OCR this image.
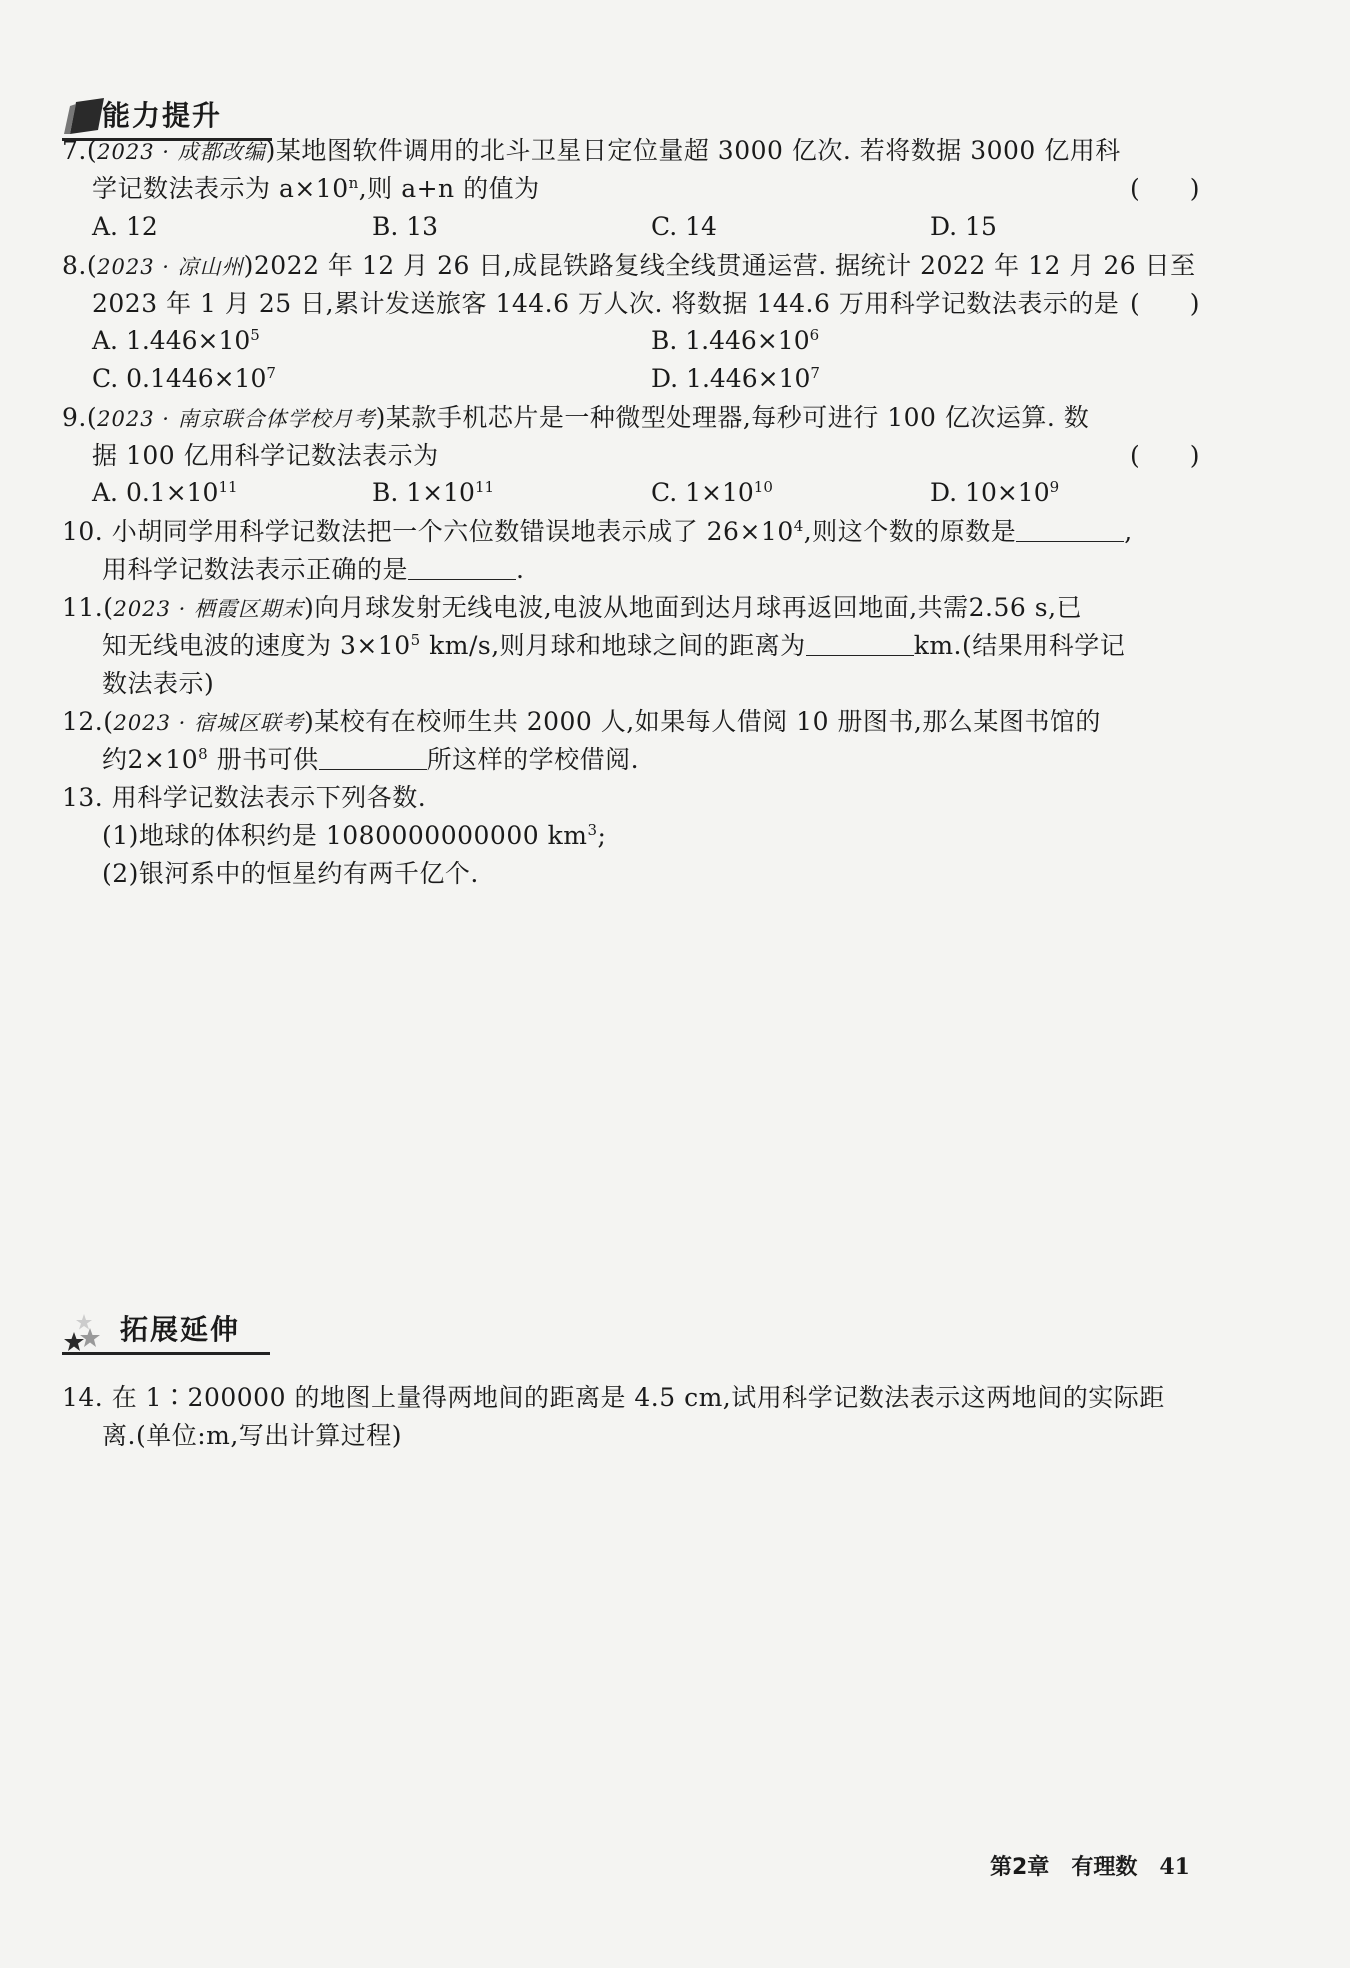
能力提升
7.(2023 · 成都改编)某地图软件调用的北斗卫星日定位量超 3000 亿次. 若将数据 3000 亿用科
学记数法表示为 $a\times 10^n$,则 a+n 的值为	(　　)
A. 12	B. 13	C. 14	D. 15
8.(2023 · 凉山州)2022 年 12 月 26 日,成昆铁路复线全线贯通运营. 据统计 2022 年 12 月 26 日至
2023 年 1 月 25 日,累计发送旅客 144.6 万人次. 将数据 144.6 万用科学记数法表示的是 (　　)
A. $1.446\times 10^5$	B. $1.446\times 10^6$
C. $0.1446\times 10^7$	D. $1.446\times 10^7$
9.(2023 · 南京联合体学校月考)某款手机芯片是一种微型处理器,每秒可进行 100 亿次运算. 数
据 100 亿用科学记数法表示为	(　　)
A. $0.1\times 10^{11}$	B. $1\times 10^{11}$	C. $1\times 10^{10}$	D. $10\times 10^9$
10. 小胡同学用科学记数法把一个六位数错误地表示成了 $26\times 10^4$,则这个数的原数是	,
用科学记数法表示正确的是	.
11.(2023 · 栖霞区期末)向月球发射无线电波,电波从地面到达月球再返回地面,共需2.56 s,已
知无线电波的速度为 $3\times 10^5$ km/s,则月球和地球之间的距离为	km.(结果用科学记
数法表示)
12.(2023 · 宿城区联考)某校有在校师生共 2000 人,如果每人借阅 10 册图书,那么某图书馆的
约$2\times 10^8$ 册书可供	所这样的学校借阅.
13. 用科学记数法表示下列各数.
(1)地球的体积约是 1080000000000 $km^3$;
(2)银河系中的恒星约有两千亿个.
拓展延伸
14. 在 1∶200000 的地图上量得两地间的距离是 4.5 cm,试用科学记数法表示这两地间的实际距
离.(单位:m,写出计算过程)
第2章 有理数 41
